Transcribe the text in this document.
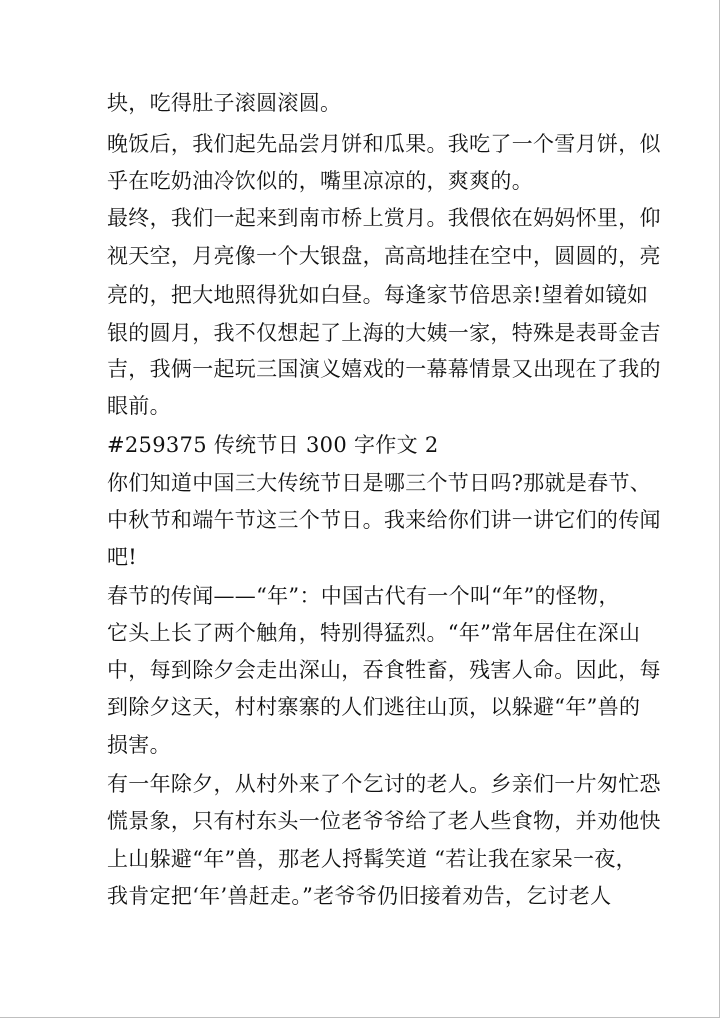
块，吃得肚子滚圆滚圆。
晚饭后，我们起先品尝月饼和瓜果。我吃了一个雪月饼，似
乎在吃奶油冷饮似的，嘴里凉凉的，爽爽的。
最终，我们一起来到南市桥上赏月。我偎依在妈妈怀里，仰
视天空，月亮像一个大银盘，高高地挂在空中，圆圆的，亮
亮的，把大地照得犹如白昼。每逢家节倍思亲!望着如镜如
银的圆月，我不仅想起了上海的大姨一家，特殊是表哥金吉
吉，我俩一起玩三国演义嬉戏的一幕幕情景又出现在了我的
眼前。
#259375 传统节日 300 字作文 2
你们知道中国三大传统节日是哪三个节日吗?那就是春节、
中秋节和端午节这三个节日。我来给你们讲一讲它们的传闻
吧!
春节的传闻——“年”：中国古代有一个叫“年”的怪物，
它头上长了两个触角，特别得猛烈。“年”常年居住在深山
中，每到除夕会走出深山，吞食牲畜，残害人命。因此，每
到除夕这天，村村寨寨的人们逃往山顶，以躲避“年”兽的
损害。
有一年除夕，从村外来了个乞讨的老人。乡亲们一片匆忙恐
慌景象，只有村东头一位老爷爷给了老人些食物，并劝他快
上山躲避“年”兽，那老人捋髯笑道 “若让我在家呆一夜，
我肯定把‘年’兽赶走。”老爷爷仍旧接着劝告，乞讨老人
